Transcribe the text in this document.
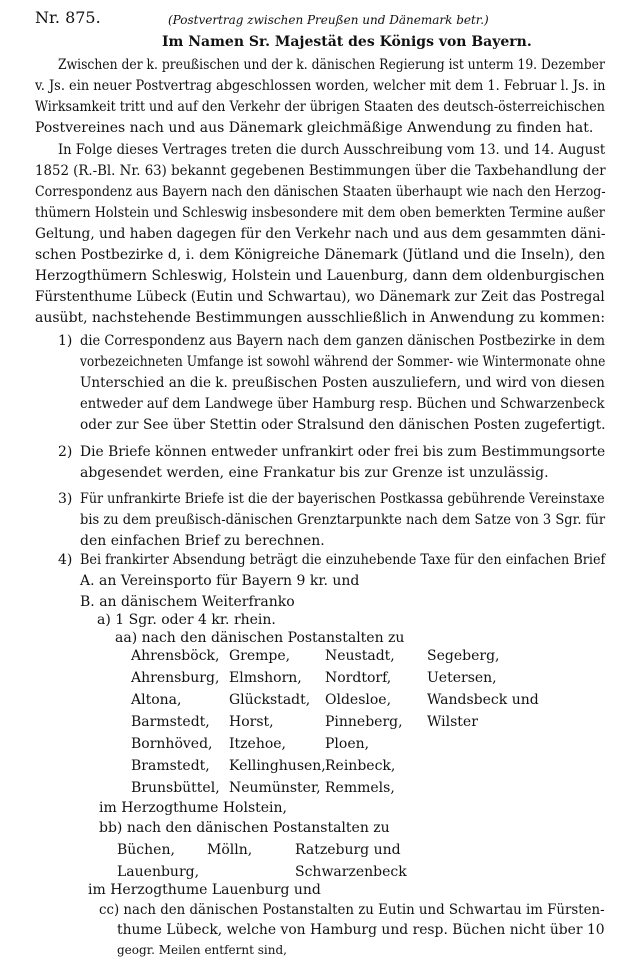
Nr. 875.	(Postvertrag zwischen Preußen und Dänemark betr.)
Im Namen Sr. Majestät des Königs von Bayern.
Zwischen der k. preußischen und der k. dänischen Regierung ist unterm 19. Dezember
v. Js. ein neuer Postvertrag abgeschlossen worden, welcher mit dem 1. Februar l. Js. in
Wirksamkeit tritt und auf den Verkehr der übrigen Staaten des deutsch-österreichischen
Postvereines nach und aus Dänemark gleichmäßige Anwendung zu finden hat.
In Folge dieses Vertrages treten die durch Ausschreibung vom 13. und 14. August
1852 (R.-Bl. Nr. 63) bekannt gegebenen Bestimmungen über die Taxbehandlung der
Correspondenz aus Bayern nach den dänischen Staaten überhaupt wie nach den Herzog-
thümern Holstein und Schleswig insbesondere mit dem oben bemerkten Termine außer
Geltung, und haben dagegen für den Verkehr nach und aus dem gesammten däni-
schen Postbezirke d, i. dem Königreiche Dänemark (Jütland und die Inseln), den
Herzogthümern Schleswig, Holstein und Lauenburg, dann dem oldenburgischen
Fürstenthume Lübeck (Eutin und Schwartau), wo Dänemark zur Zeit das Postregal
ausübt, nachstehende Bestimmungen ausschließlich in Anwendung zu kommen:
1) die Correspondenz aus Bayern nach dem ganzen dänischen Postbezirke in dem
vorbezeichneten Umfange ist sowohl während der Sommer- wie Wintermonate ohne
Unterschied an die k. preußischen Posten auszuliefern, und wird von diesen
entweder auf dem Landwege über Hamburg resp. Büchen und Schwarzenbeck
oder zur See über Stettin oder Stralsund den dänischen Posten zugefertigt.
2) Die Briefe können entweder unfrankirt oder frei bis zum Bestimmungsorte
abgesendet werden, eine Frankatur bis zur Grenze ist unzulässig.
3) Für unfrankirte Briefe ist die der bayerischen Postkassa gebührende Vereinstaxe
bis zu dem preußisch-dänischen Grenztarpunkte nach dem Satze von 3 Sgr. für
den einfachen Brief zu berechnen.
4) Bei frankirter Absendung beträgt die einzuhebende Taxe für den einfachen Brief
A. an Vereinsporto für Bayern 9 kr. und
B. an dänischem Weiterfranko
a) 1 Sgr. oder 4 kr. rhein.
aa) nach den dänischen Postanstalten zu
Ahrensböck, Grempe, Neustadt, Segeberg,
Ahrensburg, Elmshorn, Nordtorf,	Uetersen,
Altona,	Glückstadt, Oldesloe,	Wandsbeck und
Barmstedt, Horst,	Pinneberg, Wilster
Bornhöved, Itzehoe,	Ploen,
Bramstedt, Kellinghusen, Reinbeck,
Brunsbüttel, Neumünster, Remmels,
im Herzogthume Holstein,
bb) nach den dänischen Postanstalten zu
Büchen, Mölln,	Ratzeburg und
Lauenburg,	Schwarzenbeck
im Herzogthume Lauenburg und
cc) nach den dänischen Postanstalten zu Eutin und Schwartau im Fürsten-
thume Lübeck, welche von Hamburg und resp. Büchen nicht über 10
geogr. Meilen entfernt sind,
